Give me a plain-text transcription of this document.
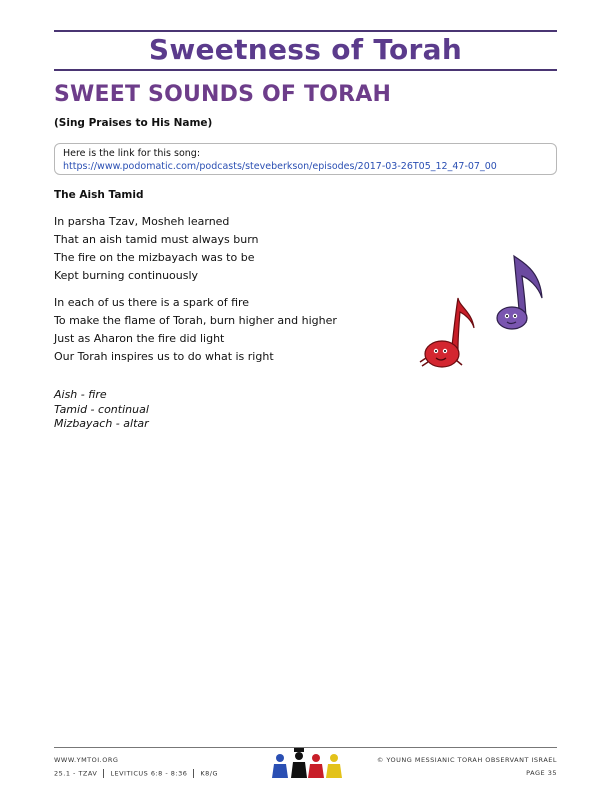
Sweetness of Torah
SWEET SOUNDS OF TORAH
(Sing Praises to His Name)
Here is the link for this song:
https://www.podomatic.com/podcasts/steveberkson/episodes/2017-03-26T05_12_47-07_00
The Aish Tamid
In parsha Tzav, Mosheh learned
That an aish tamid must always burn
The fire on the mizbayach was to be
Kept burning continuously
In each of us there is a spark of fire
To make the flame of Torah, burn higher and higher
Just as Aharon the fire did light
Our Torah inspires us to do what is right
Aish - fire
Tamid - continual
Mizbayach - altar
WWW.YMTOI.ORG
25.1 - TZAV LEVITICUS 6:8 - 8:36 K8/G
© YOUNG MESSIANIC TORAH OBSERVANT ISRAEL
PAGE 35
